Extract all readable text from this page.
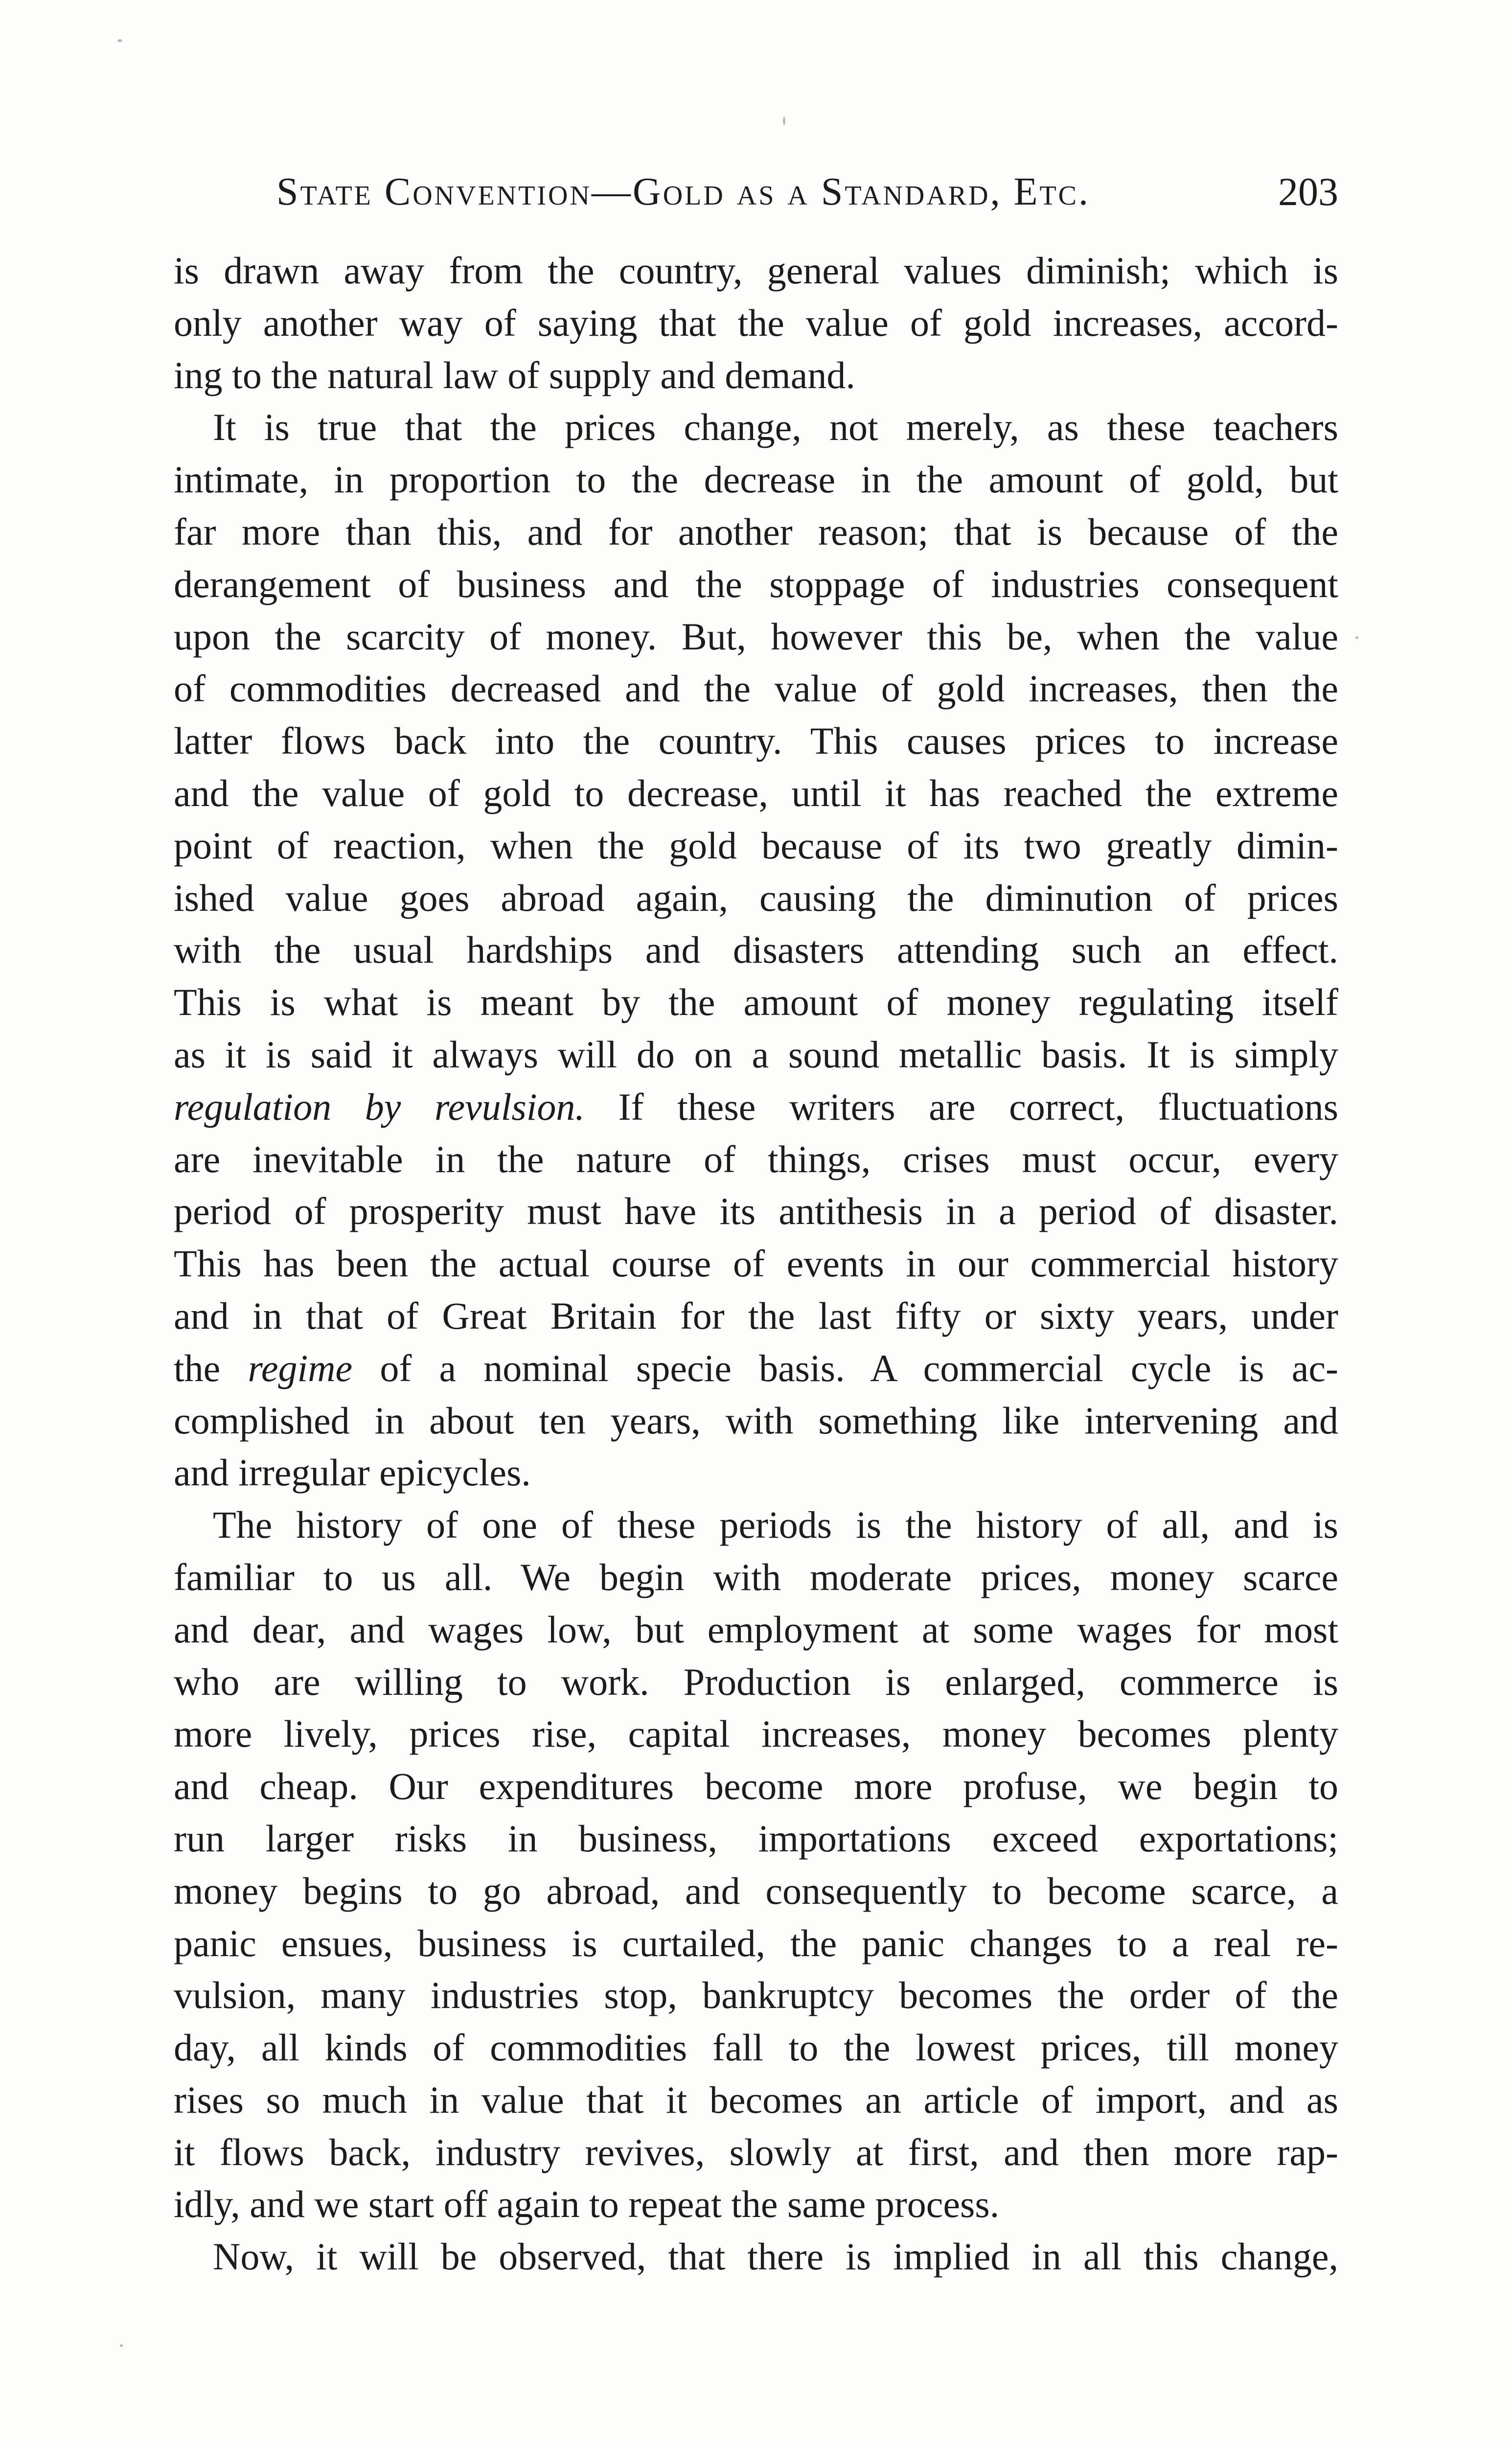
State Convention—Gold as a Standard, Etc.	203
is drawn away from the country, general values diminish; which is
only another way of saying that the value of gold increases, accord-
ing to the natural law of supply and demand.
It is true that the prices change, not merely, as these teachers
intimate, in proportion to the decrease in the amount of gold, but
far more than this, and for another reason; that is because of the
derangement of business and the stoppage of industries consequent
upon the scarcity of money. But, however this be, when the value
of commodities decreased and the value of gold increases, then the
latter flows back into the country. This causes prices to increase
and the value of gold to decrease, until it has reached the extreme
point of reaction, when the gold because of its two greatly dimin-
ished value goes abroad again, causing the diminution of prices
with the usual hardships and disasters attending such an effect.
This is what is meant by the amount of money regulating itself
as it is said it always will do on a sound metallic basis. It is simply
regulation by revulsion. If these writers are correct, fluctuations
are inevitable in the nature of things, crises must occur, every
period of prosperity must have its antithesis in a period of disaster.
This has been the actual course of events in our commercial history
and in that of Great Britain for the last fifty or sixty years, under
the regime of a nominal specie basis. A commercial cycle is ac-
complished in about ten years, with something like intervening and
and irregular epicycles.
The history of one of these periods is the history of all, and is
familiar to us all. We begin with moderate prices, money scarce
and dear, and wages low, but employment at some wages for most
who are willing to work. Production is enlarged, commerce is
more lively, prices rise, capital increases, money becomes plenty
and cheap. Our expenditures become more profuse, we begin to
run larger risks in business, importations exceed exportations;
money begins to go abroad, and consequently to become scarce, a
panic ensues, business is curtailed, the panic changes to a real re-
vulsion, many industries stop, bankruptcy becomes the order of the
day, all kinds of commodities fall to the lowest prices, till money
rises so much in value that it becomes an article of import, and as
it flows back, industry revives, slowly at first, and then more rap-
idly, and we start off again to repeat the same process.
Now, it will be observed, that there is implied in all this change,
